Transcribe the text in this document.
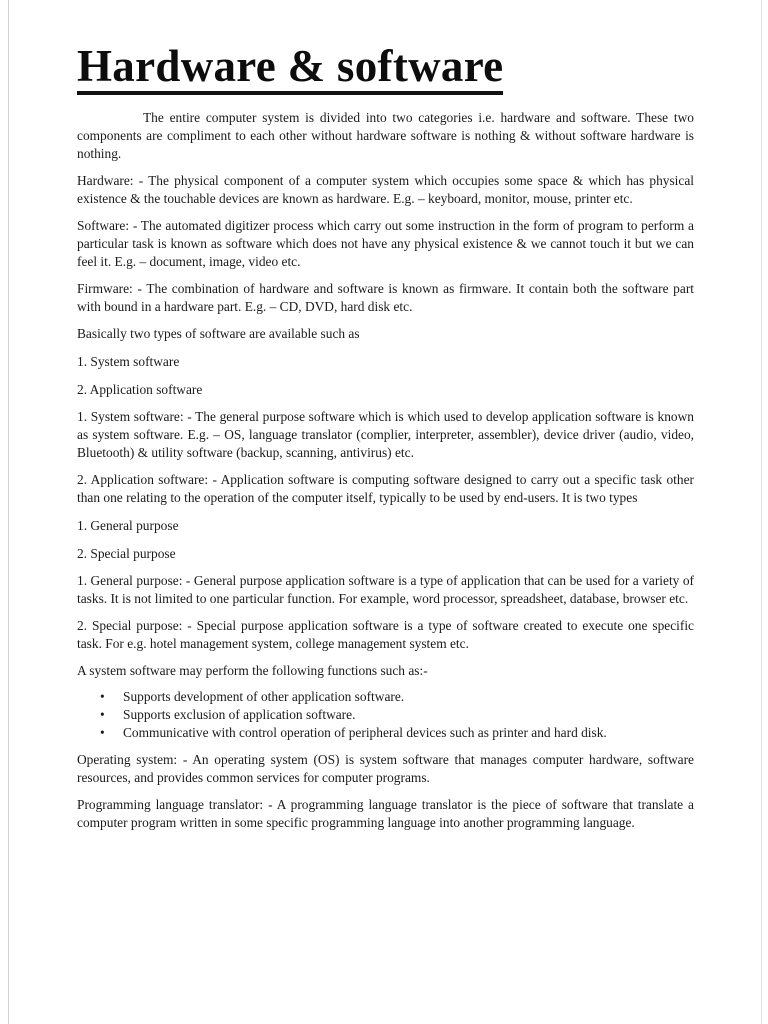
Hardware & software

The entire computer system is divided into two categories i.e. hardware and software. These two components are compliment to each other without hardware software is nothing & without software hardware is nothing.

Hardware: - The physical component of a computer system which occupies some space & which has physical existence & the touchable devices are known as hardware. E.g. – keyboard, monitor, mouse, printer etc.

Software: - The automated digitizer process which carry out some instruction in the form of program to perform a particular task is known as software which does not have any physical existence & we cannot touch it but we can feel it. E.g. – document, image, video etc.

Firmware: - The combination of hardware and software is known as firmware. It contain both the software part with bound in a hardware part. E.g. – CD, DVD, hard disk etc.

Basically two types of software are available such as

1. System software

2. Application software

1. System software: - The general purpose software which is which used to develop application software is known as system software. E.g. – OS, language translator (complier, interpreter, assembler), device driver (audio, video, Bluetooth) & utility software (backup, scanning, antivirus) etc.

2. Application software: - Application software is computing software designed to carry out a specific task other than one relating to the operation of the computer itself, typically to be used by end-users. It is two types

1. General purpose

2. Special purpose

1. General purpose: - General purpose application software is a type of application that can be used for a variety of tasks. It is not limited to one particular function. For example, word processor, spreadsheet, database, browser etc.

2. Special purpose: - Special purpose application software is a type of software created to execute one specific task. For e.g. hotel management system, college management system etc.

A system software may perform the following functions such as:-

• Supports development of other application software.
• Supports exclusion of application software.
• Communicative with control operation of peripheral devices such as printer and hard disk.

Operating system: - An operating system (OS) is system software that manages computer hardware, software resources, and provides common services for computer programs.

Programming language translator: - A programming language translator is the piece of software that translate a computer program written in some specific programming language into another programming language.
